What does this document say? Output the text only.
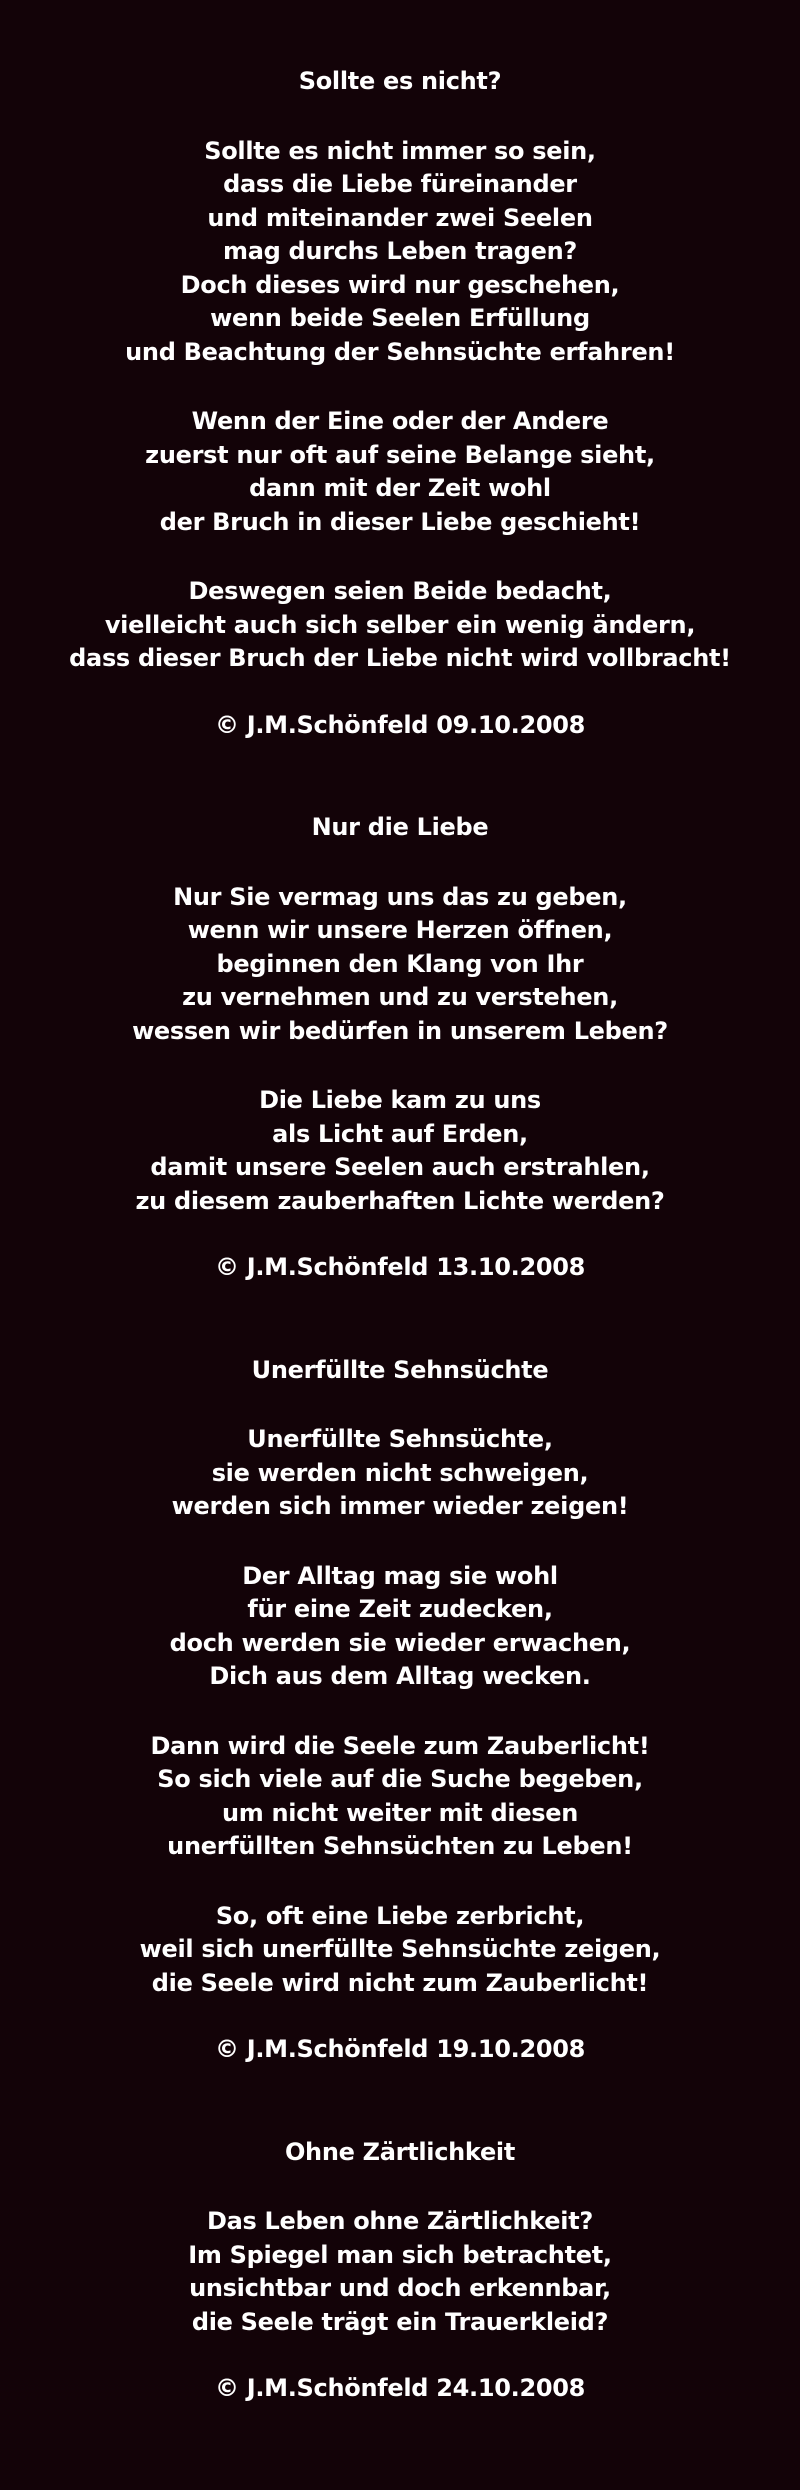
Sollte es nicht?
Sollte es nicht immer so sein,
dass die Liebe füreinander
und miteinander zwei Seelen
mag durchs Leben tragen?
Doch dieses wird nur geschehen,
wenn beide Seelen Erfüllung
und Beachtung der Sehnsüchte erfahren!
Wenn der Eine oder der Andere
zuerst nur oft auf seine Belange sieht,
dann mit der Zeit wohl
der Bruch in dieser Liebe geschieht!
Deswegen seien Beide bedacht,
vielleicht auch sich selber ein wenig ändern,
dass dieser Bruch der Liebe nicht wird vollbracht!
© J.M.Schönfeld 09.10.2008
Nur die Liebe
Nur Sie vermag uns das zu geben,
wenn wir unsere Herzen öffnen,
beginnen den Klang von Ihr
zu vernehmen und zu verstehen,
wessen wir bedürfen in unserem Leben?
Die Liebe kam zu uns
als Licht auf Erden,
damit unsere Seelen auch erstrahlen,
zu diesem zauberhaften Lichte werden?
© J.M.Schönfeld 13.10.2008
Unerfüllte Sehnsüchte
Unerfüllte Sehnsüchte,
sie werden nicht schweigen,
werden sich immer wieder zeigen!
Der Alltag mag sie wohl
für eine Zeit zudecken,
doch werden sie wieder erwachen,
Dich aus dem Alltag wecken.
Dann wird die Seele zum Zauberlicht!
So sich viele auf die Suche begeben,
um nicht weiter mit diesen
unerfüllten Sehnsüchten zu Leben!
So, oft eine Liebe zerbricht,
weil sich unerfüllte Sehnsüchte zeigen,
die Seele wird nicht zum Zauberlicht!
© J.M.Schönfeld 19.10.2008
Ohne Zärtlichkeit
Das Leben ohne Zärtlichkeit?
Im Spiegel man sich betrachtet,
unsichtbar und doch erkennbar,
die Seele trägt ein Trauerkleid?
© J.M.Schönfeld 24.10.2008
